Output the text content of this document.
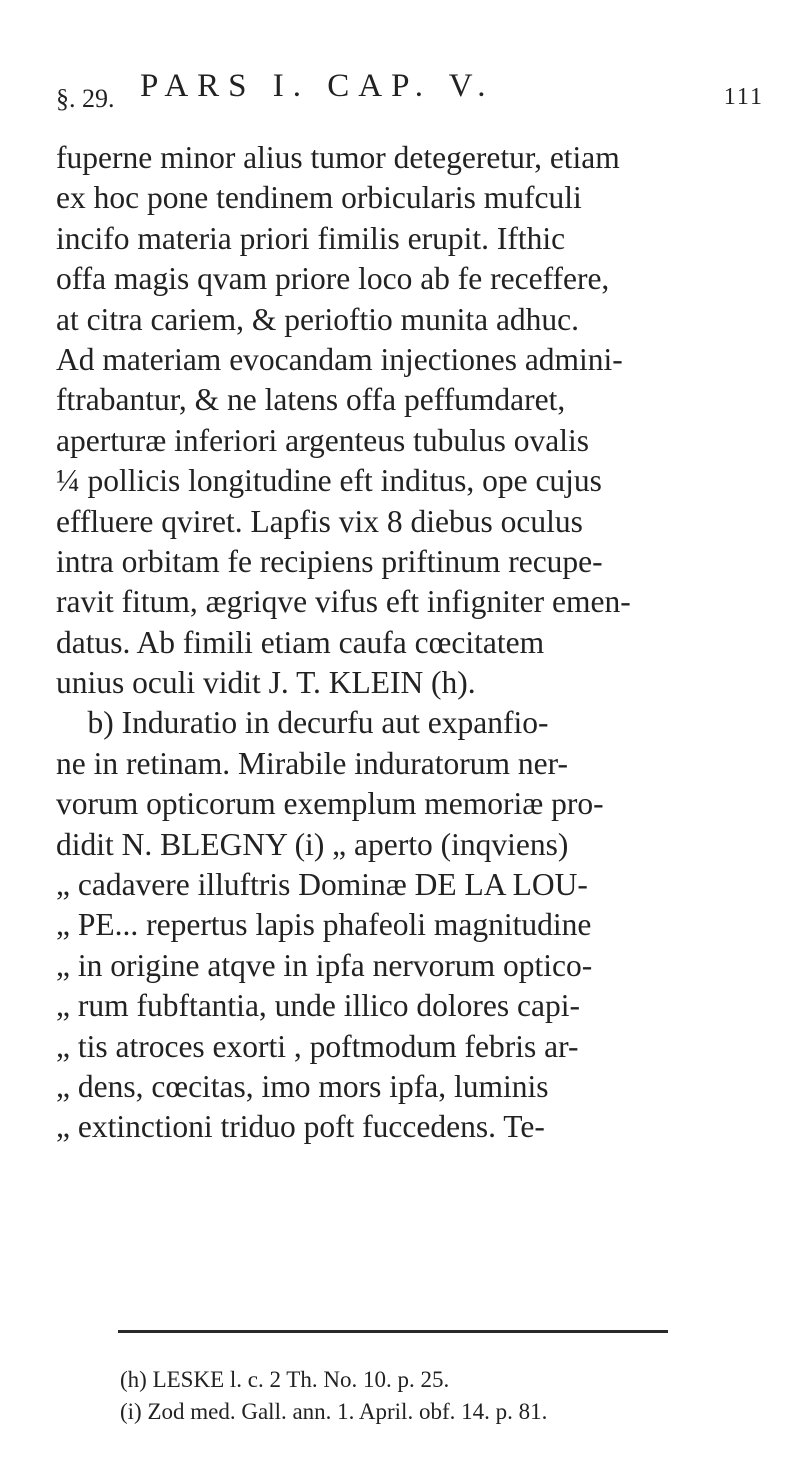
§. 29. PARS I. CAP. V.	111
fuperne minor alius tumor detegeretur, etiam
ex hoc pone tendinem orbicularis mufculi
incifo materia priori fimilis erupit. Ifthic
offa magis qvam priore loco ab fe receffere,
at citra cariem, & perioftio munita adhuc.
Ad materiam evocandam injectiones admini-
ftrabantur, & ne latens offa peffumdaret,
aperturæ inferiori argenteus tubulus ovalis
¼ pollicis longitudine eft inditus, ope cujus
effluere qviret. Lapfis vix 8 diebus oculus
intra orbitam fe recipiens priftinum recupe-
ravit fitum, ægriqve vifus eft infigniter emen-
datus. Ab fimili etiam caufa cœcitatem
unius oculi vidit J. T. KLEIN (h).
b) Induratio in decurfu aut expanfio-
ne in retinam. Mirabile induratorum ner-
vorum opticorum exemplum memoriæ pro-
didit N. BLEGNY (i) „ aperto (inqviens)
„ cadavere illuftris Dominæ DE LA LOU-
„ PE... repertus lapis phafeoli magnitudine
„ in origine atqve in ipfa nervorum optico-
„ rum fubftantia, unde illico dolores capi-
„ tis atroces exorti , poftmodum febris ar-
„ dens, cœcitas, imo mors ipfa, luminis
„ extinctioni triduo poft fuccedens. Te-
(h) LESKE l. c. 2 Th. No. 10. p. 25.
(i) Zod med. Gall. ann. 1. April. obf. 14. p. 81.
